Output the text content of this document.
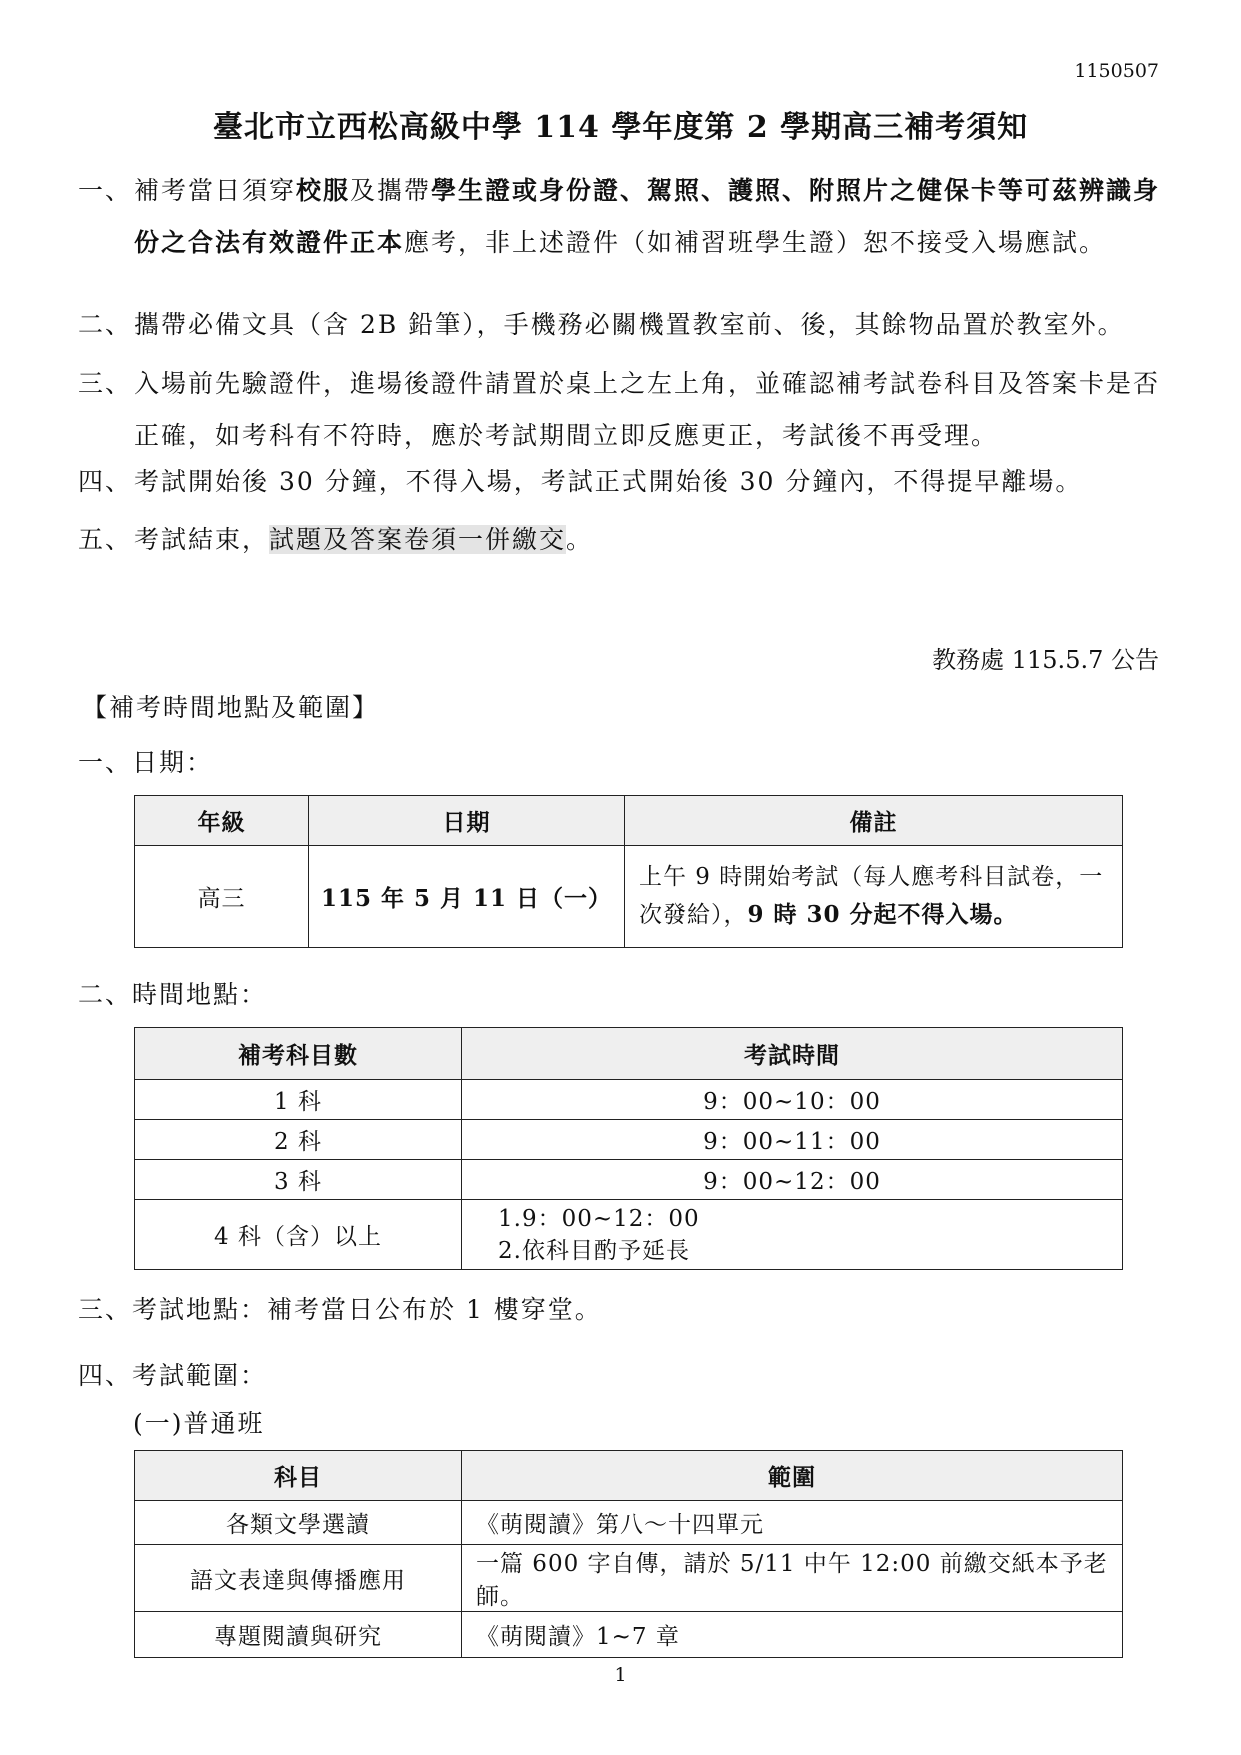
1150507
臺北市立西松高級中學 114 學年度第 2 學期高三補考須知
一、 補考當日須穿校服及攜帶學生證或身份證、駕照、護照、附照片之健保卡等可茲辨識身份之合法有效證件正本應考，非上述證件（如補習班學生證）恕不接受入場應試。
二、 攜帶必備文具（含 2B 鉛筆），手機務必關機置教室前、後，其餘物品置於教室外。
三、 入場前先驗證件，進場後證件請置於桌上之左上角，並確認補考試卷科目及答案卡是否正確，如考科有不符時，應於考試期間立即反應更正，考試後不再受理。
四、 考試開始後 30 分鐘，不得入場，考試正式開始後 30 分鐘內，不得提早離場。
五、 考試結束，試題及答案卷須一併繳交。
教務處 115.5.7 公告
【補考時間地點及範圍】
一、日期：
年級	日期	備註
高三	115 年 5 月 11 日（一）	上午 9 時開始考試（每人應考科目試卷，一次發給），9 時 30 分起不得入場。
二、時間地點：
補考科目數	考試時間
1 科	9：00~10：00
2 科	9：00~11：00
3 科	9：00~12：00
4 科（含）以上	1.9：00~12：00
2.依科目酌予延長
三、考試地點：補考當日公布於 1 樓穿堂。
四、考試範圍：
(一)普通班
科目	範圍
各類文學選讀	《萌閱讀》第八～十四單元
語文表達與傳播應用	一篇 600 字自傳，請於 5/11 中午 12:00 前繳交紙本予老師。
專題閱讀與研究	《萌閱讀》1~7 章
1
